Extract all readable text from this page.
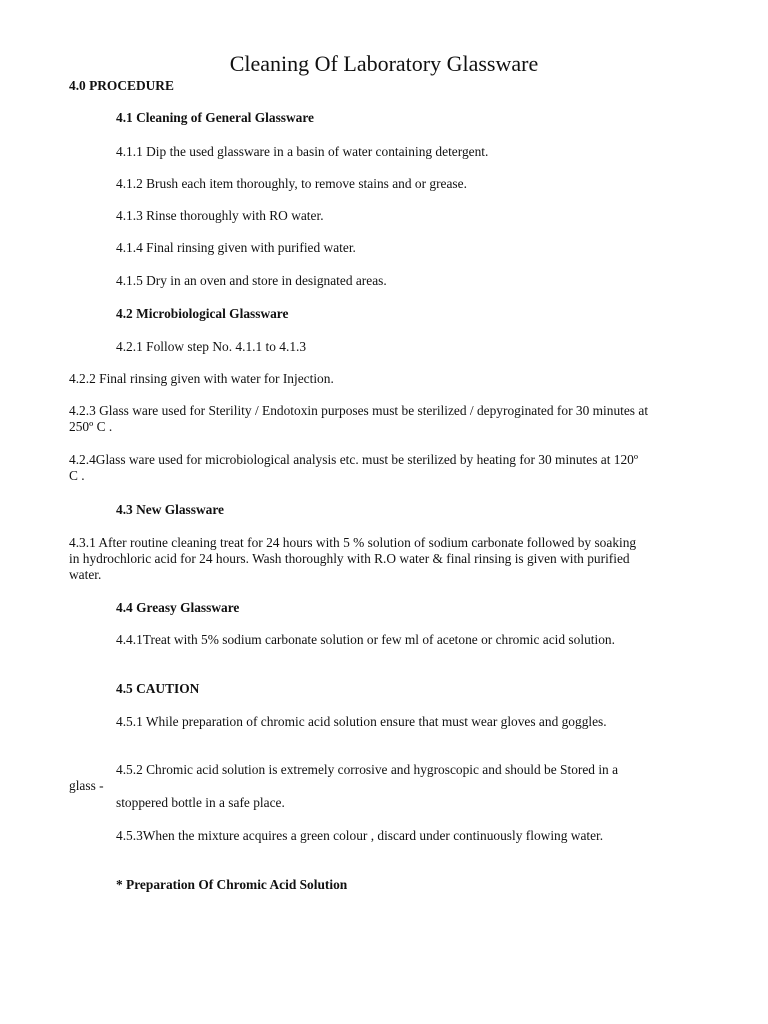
Cleaning Of Laboratory Glassware
4.0 PROCEDURE
4.1 Cleaning of General Glassware
4.1.1 Dip the used glassware in a basin of water containing detergent.
4.1.2 Brush each item thoroughly, to remove stains and or grease.
4.1.3 Rinse thoroughly with RO water.
4.1.4 Final rinsing given with purified water.
4.1.5 Dry in an oven and store in designated areas.
4.2 Microbiological Glassware
4.2.1 Follow step No. 4.1.1 to 4.1.3
4.2.2 Final rinsing given with water for Injection.
4.2.3 Glass ware used for Sterility / Endotoxin purposes must be sterilized / depyroginated for 30 minutes at 250º C .
4.2.4Glass ware used for microbiological analysis etc. must be sterilized by heating for 30 minutes at 120º C .
4.3 New Glassware
4.3.1 After routine cleaning treat for 24 hours with 5 % solution of sodium carbonate followed by soaking in hydrochloric acid for 24 hours. Wash thoroughly with R.O water & final rinsing is given with purified water.
4.4 Greasy Glassware
4.4.1Treat with 5% sodium carbonate solution or few ml of acetone or chromic acid solution.
4.5 CAUTION
4.5.1 While preparation of chromic acid solution ensure that must wear gloves and goggles.
4.5.2 Chromic acid solution is extremely corrosive and hygroscopic and should be Stored in a glass -
stoppered bottle in a safe place.
4.5.3When the mixture acquires a green colour , discard under continuously flowing water.
* Preparation Of Chromic Acid Solution
